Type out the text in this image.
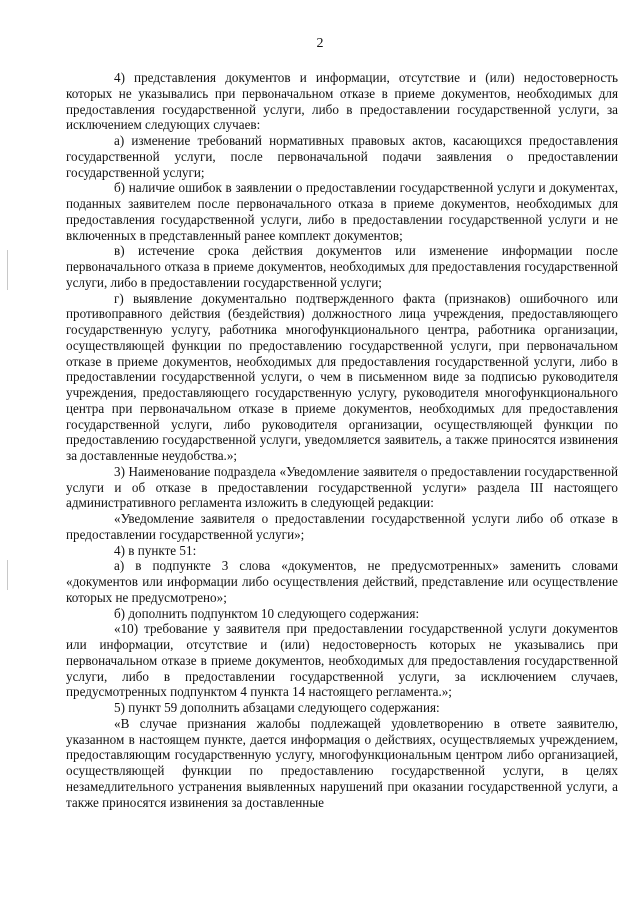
2

4) представления документов и информации, отсутствие и (или) недостоверность которых не указывались при первоначальном отказе в приеме документов, необходимых для предоставления государственной услуги, либо в предоставлении государственной услуги, за исключением следующих случаев:

а) изменение требований нормативных правовых актов, касающихся предоставления государственной услуги, после первоначальной подачи заявления о предоставлении государственной услуги;

б) наличие ошибок в заявлении о предоставлении государственной услуги и документах, поданных заявителем после первоначального отказа в приеме документов, необходимых для предоставления государственной услуги, либо в предоставлении государственной услуги и не включенных в представленный ранее комплект документов;

в) истечение срока действия документов или изменение информации после первоначального отказа в приеме документов, необходимых для предоставления государственной услуги, либо в предоставлении государственной услуги;

г) выявление документально подтвержденного факта (признаков) ошибочного или противоправного действия (бездействия) должностного лица учреждения, предоставляющего государственную услугу, работника многофункционального центра, работника организации, осуществляющей функции по предоставлению государственной услуги, при первоначальном отказе в приеме документов, необходимых для предоставления государственной услуги, либо в предоставлении государственной услуги, о чем в письменном виде за подписью руководителя учреждения, предоставляющего государственную услугу, руководителя многофункционального центра при первоначальном отказе в приеме документов, необходимых для предоставления государственной услуги, либо руководителя организации, осуществляющей функции по предоставлению государственной услуги, уведомляется заявитель, а также приносятся извинения за доставленные неудобства.»;

3) Наименование подраздела «Уведомление заявителя о предоставлении государственной услуги и об отказе в предоставлении государственной услуги» раздела III настоящего административного регламента изложить в следующей редакции:

«Уведомление заявителя о предоставлении государственной услуги либо об отказе в предоставлении государственной услуги»;

4) в пункте 51:

а) в подпункте 3 слова «документов, не предусмотренных» заменить словами «документов или информации либо осуществления действий, представление или осуществление которых не предусмотрено»;

б) дополнить подпунктом 10 следующего содержания:

«10) требование у заявителя при предоставлении государственной услуги документов или информации, отсутствие и (или) недостоверность которых не указывались при первоначальном отказе в приеме документов, необходимых для предоставления государственной услуги, либо в предоставлении государственной услуги, за исключением случаев, предусмотренных подпунктом 4 пункта 14 настоящего регламента.»;

5) пункт 59 дополнить абзацами следующего содержания:

«В случае признания жалобы подлежащей удовлетворению в ответе заявителю, указанном в настоящем пункте, дается информация о действиях, осуществляемых учреждением, предоставляющим государственную услугу, многофункциональным центром либо организацией, осуществляющей функции по предоставлению государственной услуги, в целях незамедлительного устранения выявленных нарушений при оказании государственной услуги, а также приносятся извинения за доставленные
